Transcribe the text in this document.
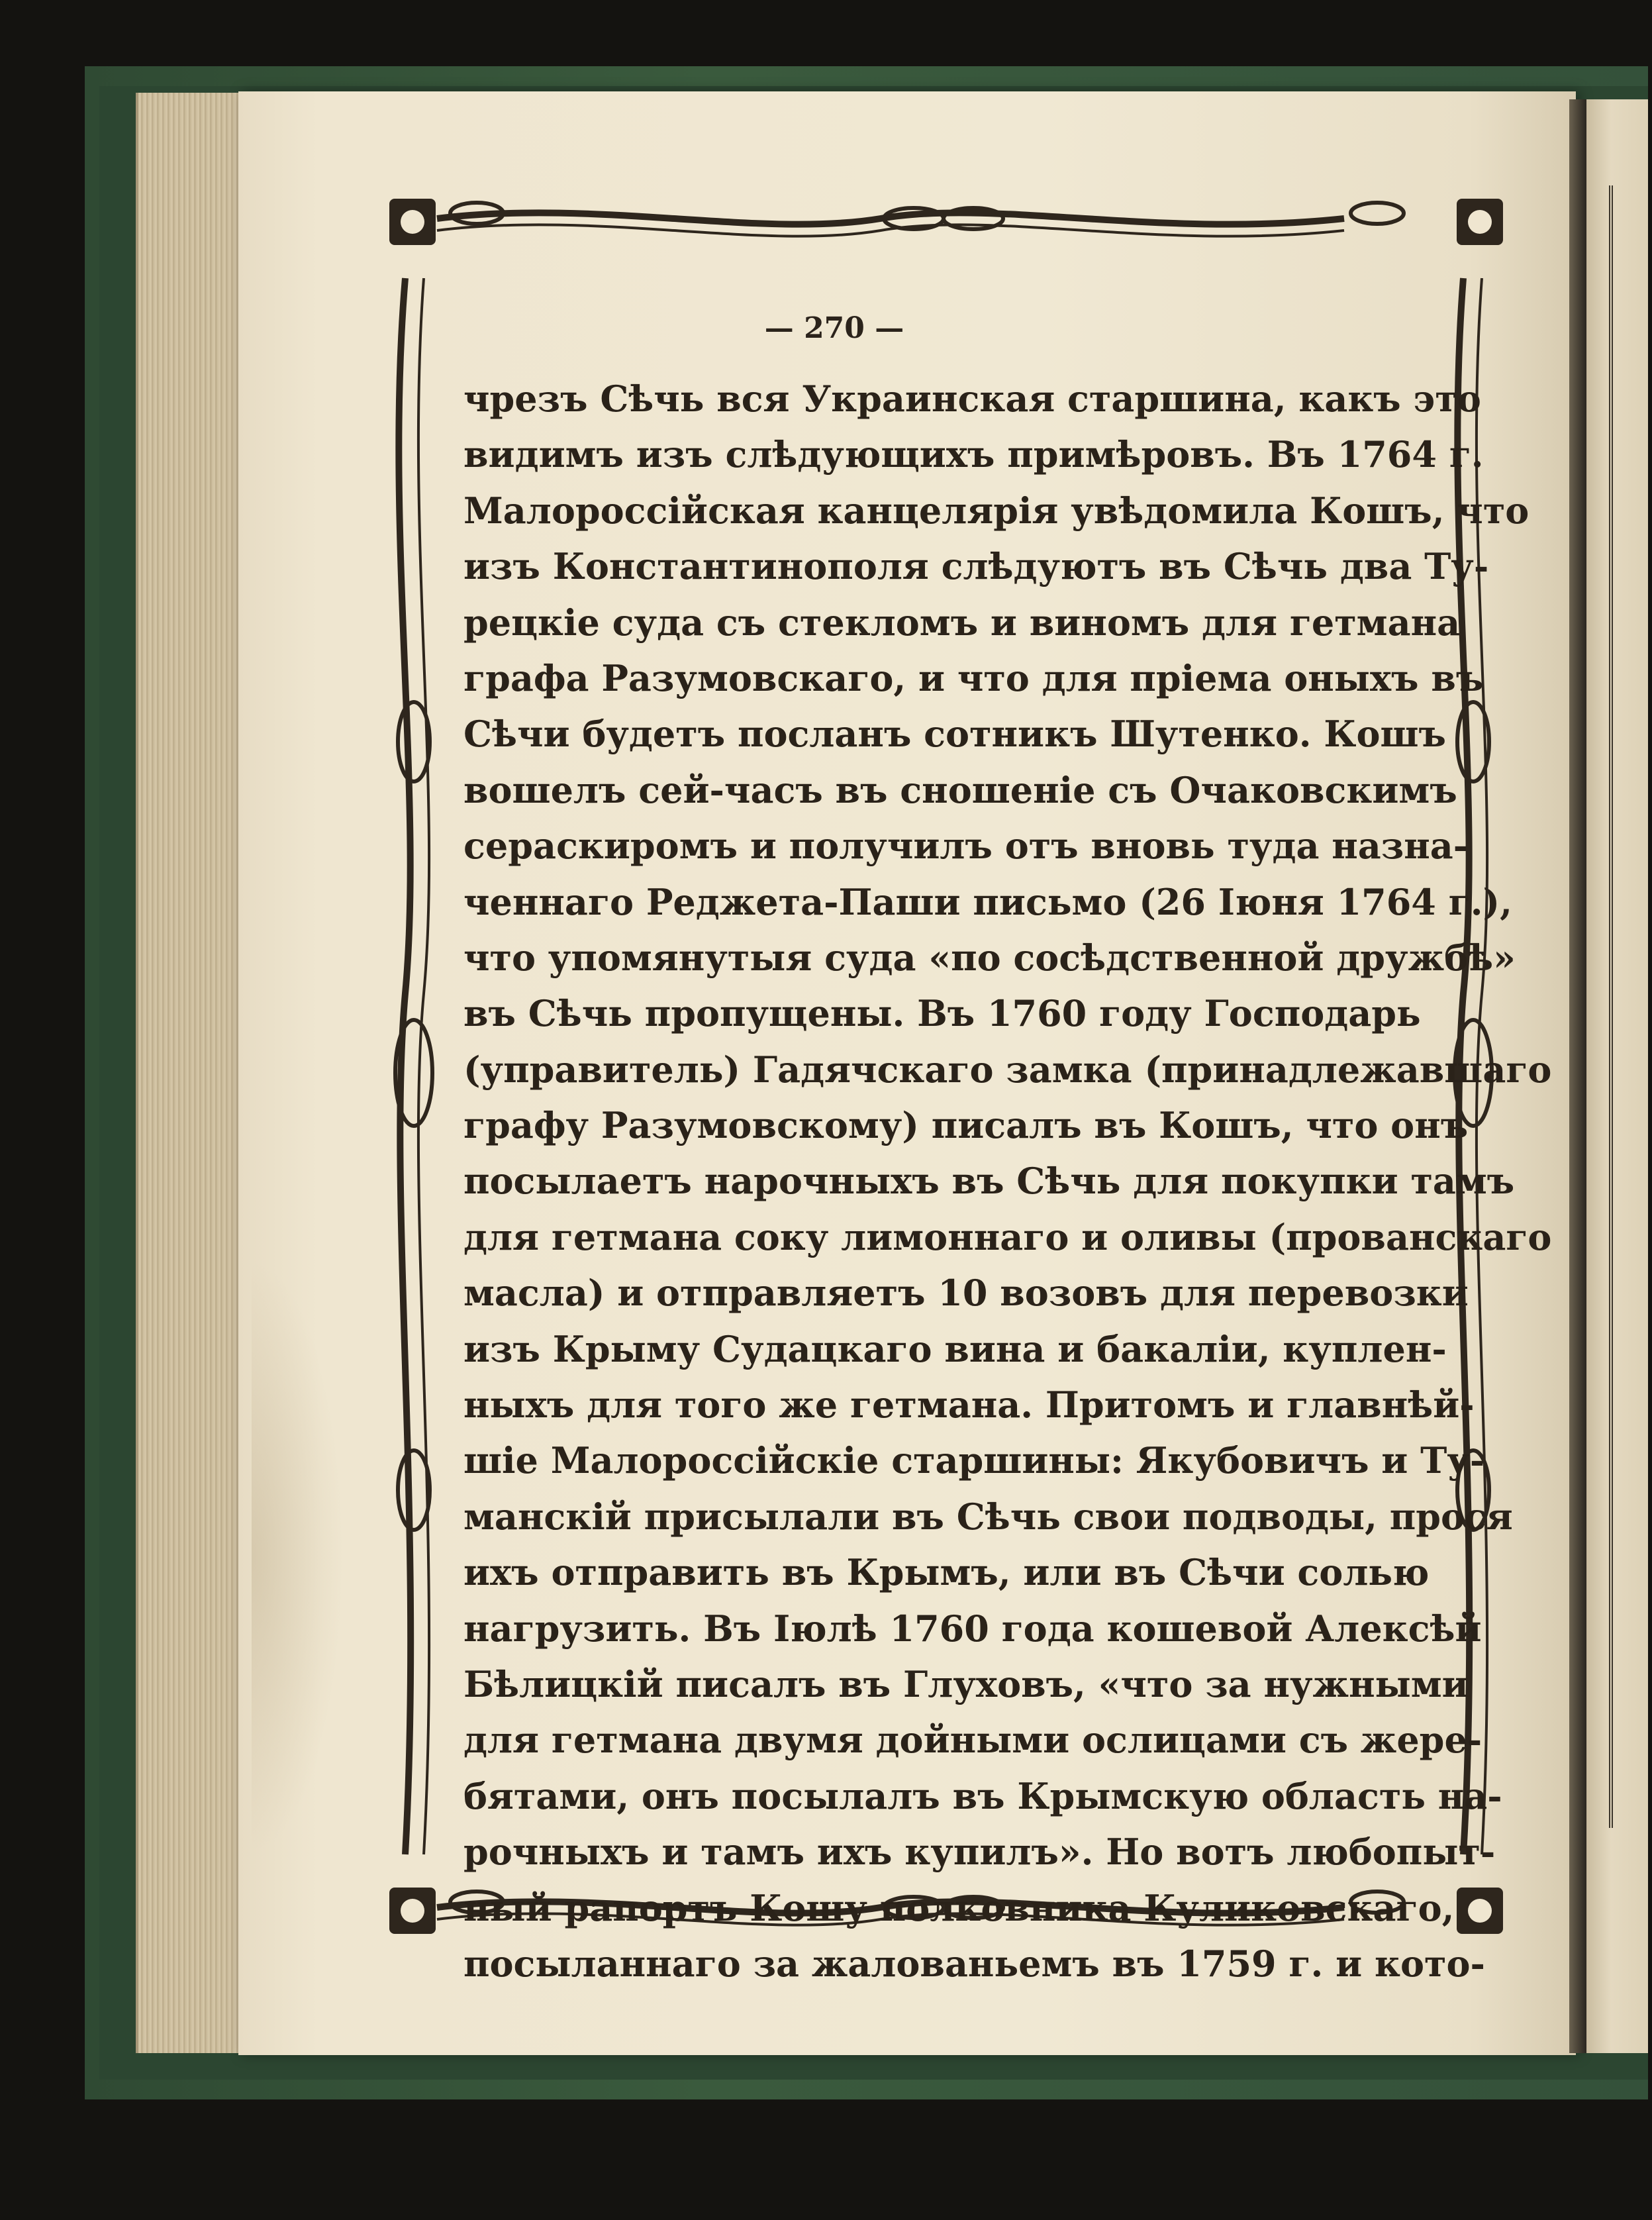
— 270 —

чрезъ Сѣчь вся Украинская старшина, какъ это

видимъ изъ слѣдующихъ примѣровъ. Въ 1764 г.

Малороссійская канцелярія увѣдомила Кошъ, что

изъ Константинополя слѣдуютъ въ Сѣчь два Ту-

рецкіе суда съ стекломъ и виномъ для гетмана

графа Разумовскаго, и что для пріема оныхъ въ

Сѣчи будетъ посланъ сотникъ Шутенко. Кошъ

вошелъ сей-часъ въ сношеніе съ Очаковскимъ

сераскиромъ и получилъ отъ вновь туда назна-

ченнаго Реджета-Паши письмо (26 Іюня 1764 г.),

что упомянутыя суда «по сосѣдственной дружбѣ»

въ Сѣчь пропущены. Въ 1760 году Господарь

(управитель) Гадячскаго замка (принадлежавшаго

графу Разумовскому) писалъ въ Кошъ, что онъ

посылаетъ нарочныхъ въ Сѣчь для покупки тамъ

для гетмана соку лимоннаго и оливы (прованскаго

масла) и отправляетъ 10 возовъ для перевозки

изъ Крыму Судацкаго вина и бакаліи, куплен-

ныхъ для того же гетмана. Притомъ и главнѣй-

шіе Малороссійскіе старшины: Якубовичъ и Ту-

манскій присылали въ Сѣчь свои подводы, прося

ихъ отправить въ Крымъ, или въ Сѣчи солью

нагрузить. Въ Іюлѣ 1760 года кошевой Алексѣй

Бѣлицкій писалъ въ Глуховъ, «что за нужными

для гетмана двумя дойными ослицами съ жере-

бятами, онъ посылалъ въ Крымскую область на-

рочныхъ и тамъ ихъ купилъ». Но вотъ любопыт-

ный рапортъ Кошу полковника Куликовскаго,

посыланнаго за жалованьемъ въ 1759 г. и кото-
